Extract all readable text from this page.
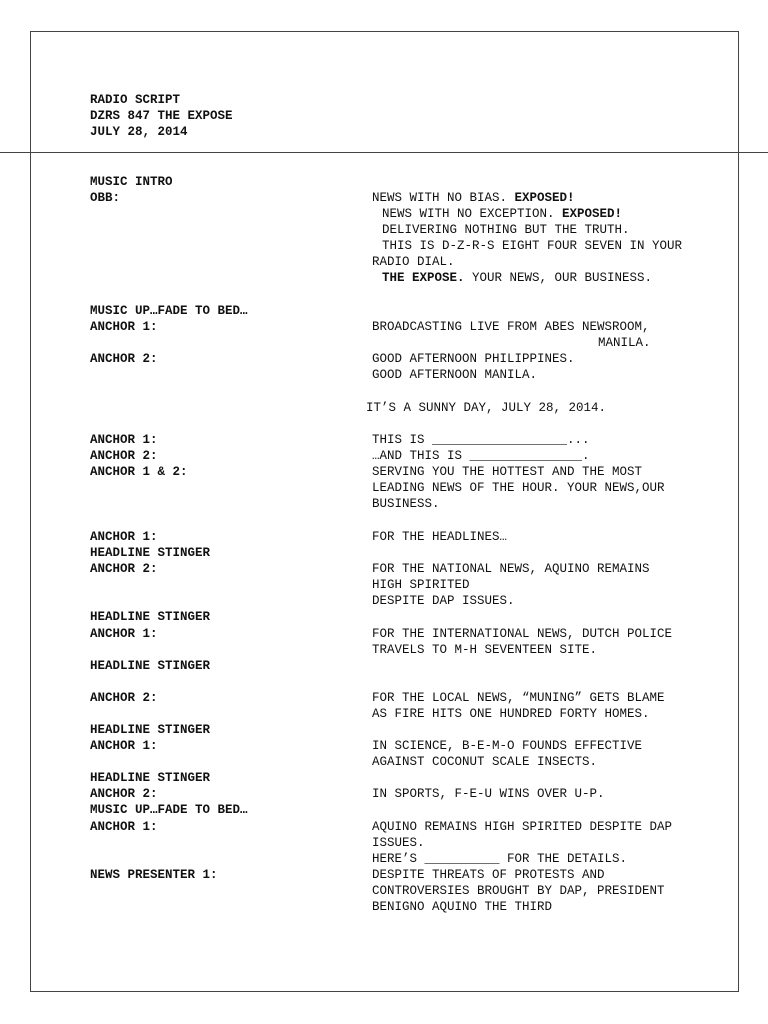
RADIO SCRIPT
DZRS 847 THE EXPOSE
JULY 28, 2014
MUSIC INTRO
OBB:
MUSIC UP…FADE TO BED…
ANCHOR 1:
ANCHOR 2:
ANCHOR 1:
ANCHOR 2:
ANCHOR 1 & 2:
ANCHOR 1:
HEADLINE STINGER
ANCHOR 2:
HEADLINE STINGER
ANCHOR 1:
HEADLINE STINGER
ANCHOR 2:
HEADLINE STINGER
ANCHOR 1:
HEADLINE STINGER
ANCHOR 2:
MUSIC UP…FADE TO BED…
ANCHOR 1:
NEWS PRESENTER 1:
NEWS WITH NO BIAS. EXPOSED!
NEWS WITH NO EXCEPTION. EXPOSED!
DELIVERING NOTHING BUT THE TRUTH.
THIS IS D-Z-R-S EIGHT FOUR SEVEN IN YOUR
RADIO DIAL.
THE EXPOSE. YOUR NEWS, OUR BUSINESS.
BROADCASTING LIVE FROM ABES NEWSROOM,
MANILA.
GOOD AFTERNOON PHILIPPINES.
GOOD AFTERNOON MANILA.
IT’S A SUNNY DAY, JULY 28, 2014.
THIS IS __________________...
…AND THIS IS _______________.
SERVING YOU THE HOTTEST AND THE MOST
LEADING NEWS OF THE HOUR. YOUR NEWS,OUR
BUSINESS.
FOR THE HEADLINES…
FOR THE NATIONAL NEWS, AQUINO REMAINS
HIGH SPIRITED
DESPITE DAP ISSUES.
FOR THE INTERNATIONAL NEWS, DUTCH POLICE
TRAVELS TO M-H SEVENTEEN SITE.
FOR THE LOCAL NEWS, “MUNING” GETS BLAME
AS FIRE HITS ONE HUNDRED FORTY HOMES.
IN SCIENCE, B-E-M-O FOUNDS EFFECTIVE
AGAINST COCONUT SCALE INSECTS.
IN SPORTS, F-E-U WINS OVER U-P.
AQUINO REMAINS HIGH SPIRITED DESPITE DAP
ISSUES.
HERE’S __________ FOR THE DETAILS.
DESPITE THREATS OF PROTESTS AND
CONTROVERSIES BROUGHT BY DAP, PRESIDENT
BENIGNO AQUINO THE THIRD
